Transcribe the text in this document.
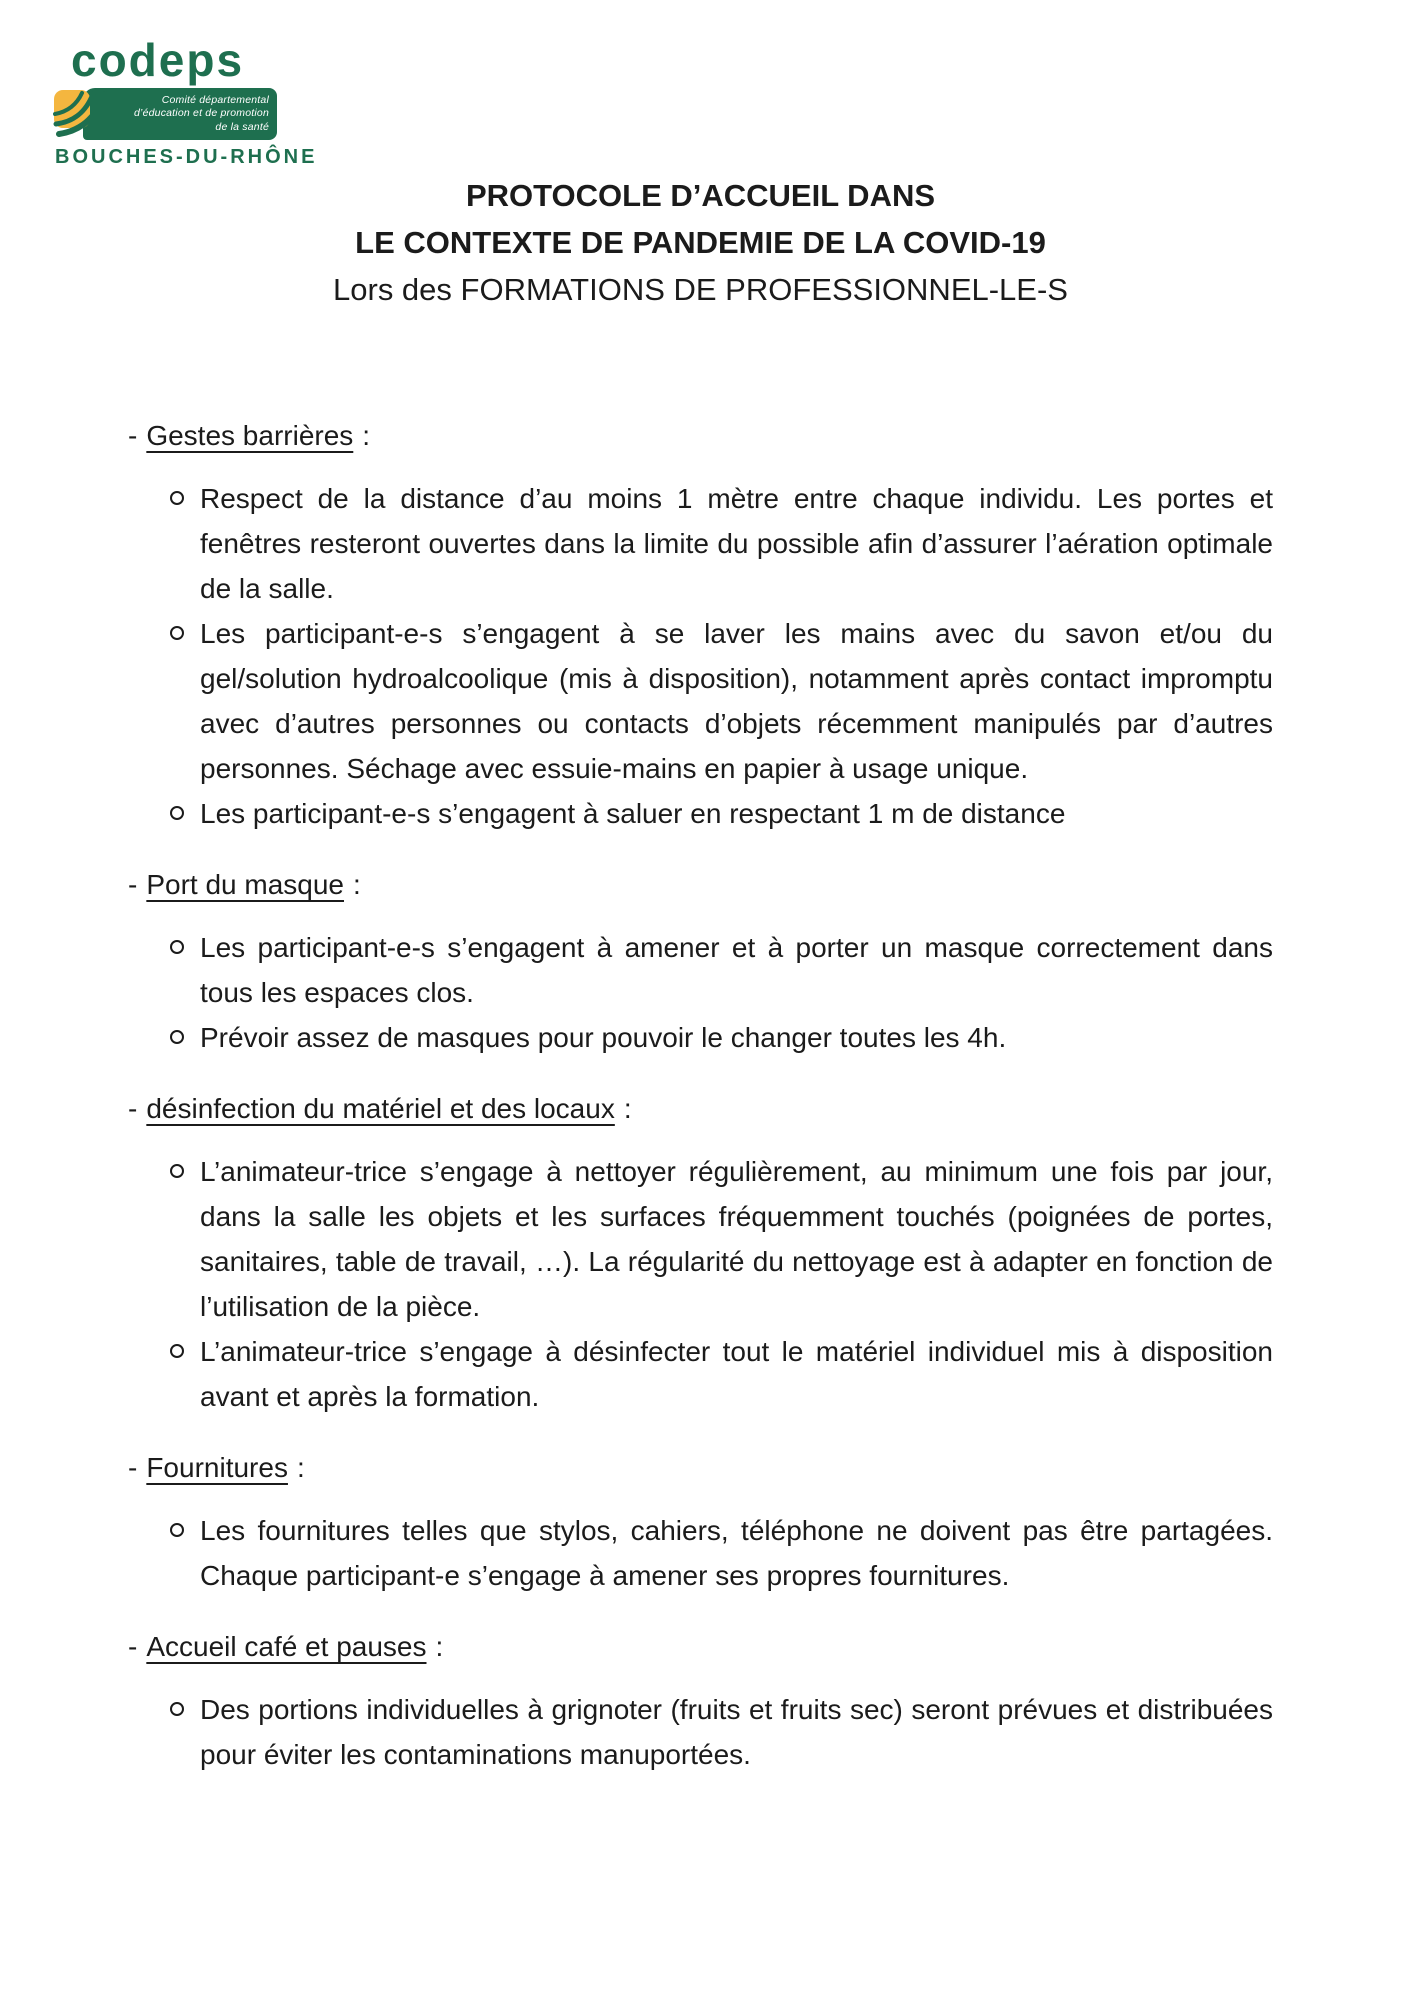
codeps
Comité départemental
d’éducation et de promotion
de la santé
BOUCHES-DU-RHÔNE
PROTOCOLE D’ACCUEIL DANS
LE CONTEXTE DE PANDEMIE DE LA COVID-19
Lors des FORMATIONS DE PROFESSIONNEL-LE-S
- Gestes barrières :
Respect de la distance d’au moins 1 mètre entre chaque individu. Les portes et fenêtres resteront ouvertes dans la limite du possible afin d’assurer l’aération optimale de la salle.
Les participant-e-s s’engagent à se laver les mains avec du savon et/ou du gel/solution hydroalcoolique (mis à disposition), notamment après contact impromptu avec d’autres personnes ou contacts d’objets récemment manipulés par d’autres personnes. Séchage avec essuie-mains en papier à usage unique.
Les participant-e-s s’engagent à saluer en respectant 1 m de distance
- Port du masque :
Les participant-e-s s’engagent à amener et à porter un masque correctement dans tous les espaces clos.
Prévoir assez de masques pour pouvoir le changer toutes les 4h.
- désinfection du matériel et des locaux :
L’animateur-trice s’engage à nettoyer régulièrement, au minimum une fois par jour, dans la salle les objets et les surfaces fréquemment touchés (poignées de portes, sanitaires, table de travail, …). La régularité du nettoyage est à adapter en fonction de l’utilisation de la pièce.
L’animateur-trice s’engage à désinfecter tout le matériel individuel mis à disposition avant et après la formation.
- Fournitures :
Les fournitures telles que stylos, cahiers, téléphone ne doivent pas être partagées. Chaque participant-e s’engage à amener ses propres fournitures.
- Accueil café et pauses :
Des portions individuelles à grignoter (fruits et fruits sec) seront prévues et distribuées pour éviter les contaminations manuportées.
